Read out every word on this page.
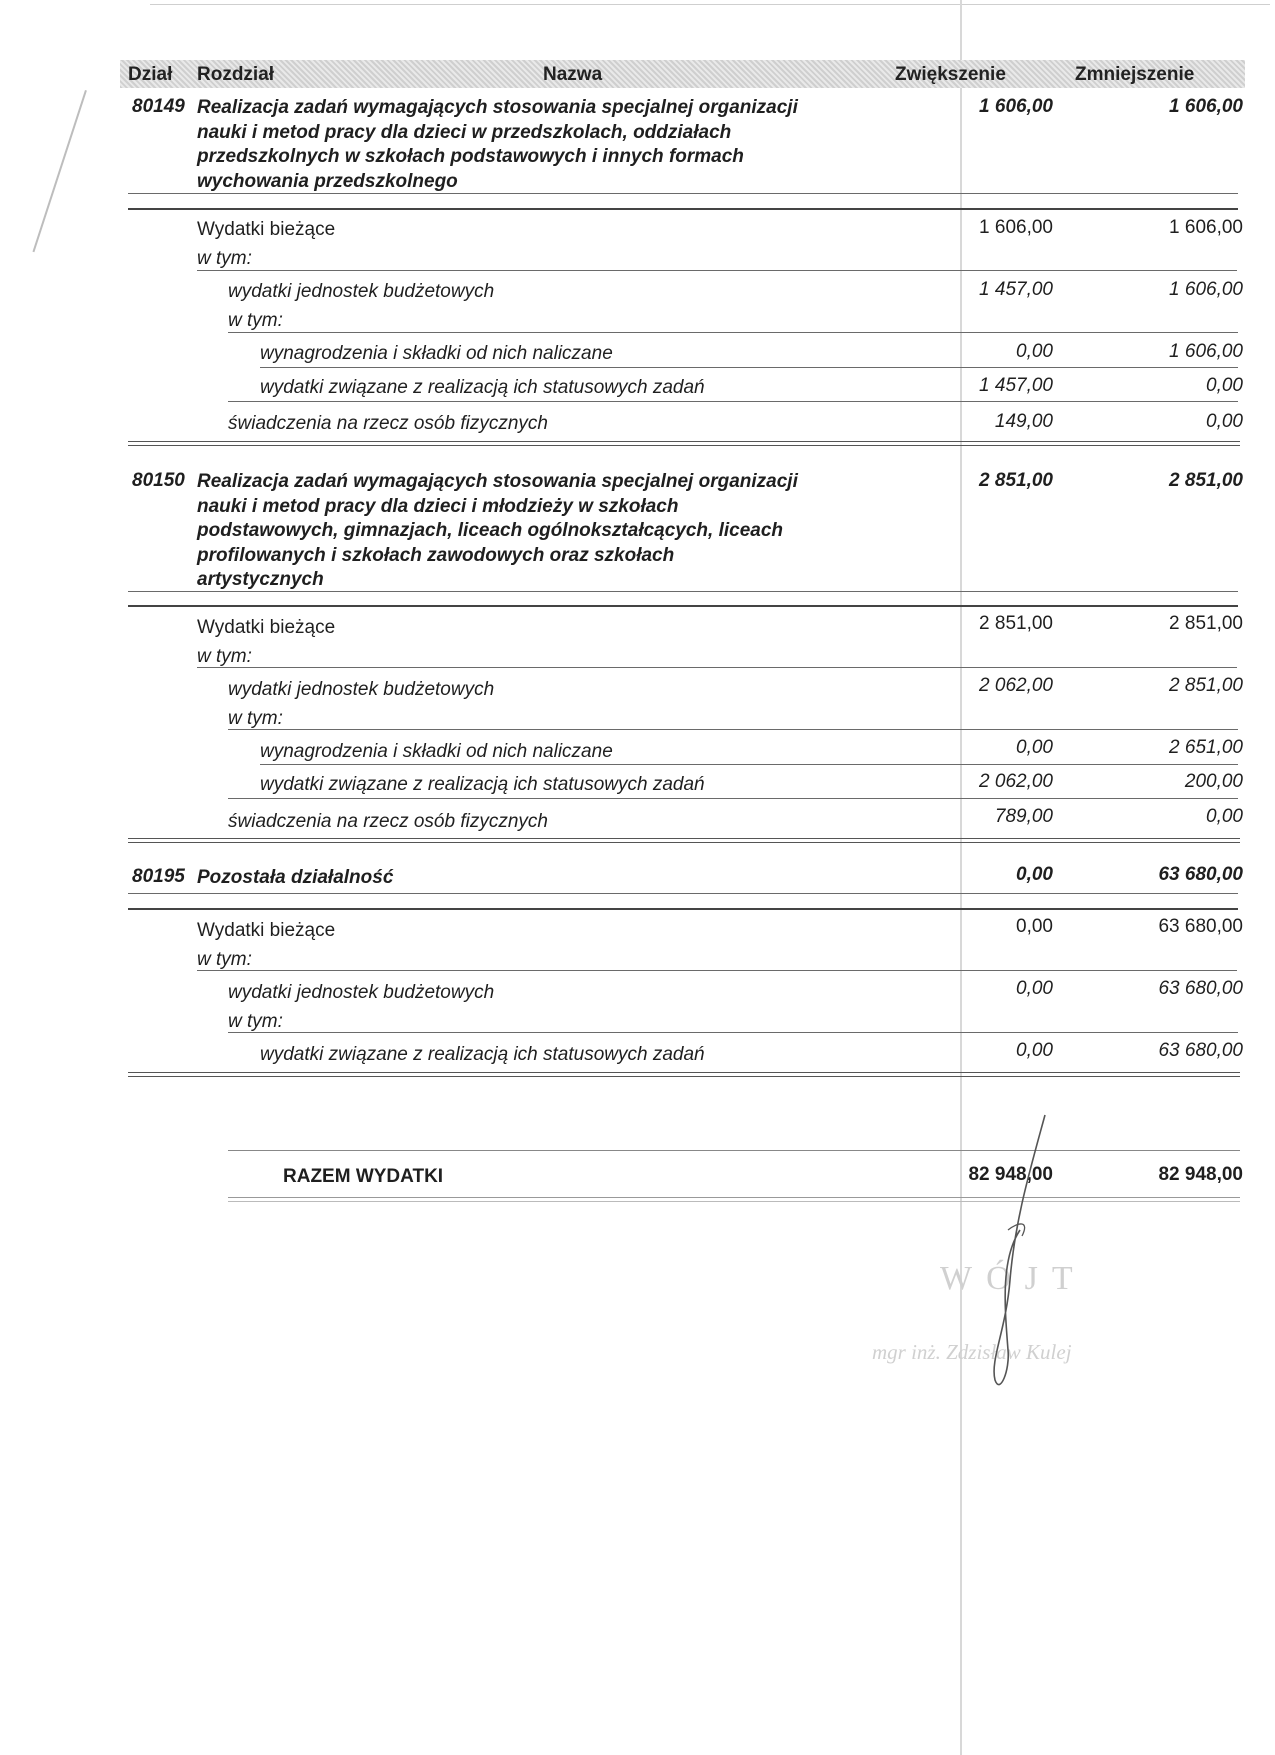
Dział Rozdział	Nazwa	Zwiększenie	Zmniejszenie
80149 Realizacja zadań wymagających stosowania specjalnej organizacji
nauki i metod pracy dla dzieci w przedszkolach, oddziałach
przedszkolnych w szkołach podstawowych i innych formach
wychowania przedszkolnego
1 606,00	1 606,00
Wydatki bieżące	1 606,00	1 606,00
w tym:
wydatki jednostek budżetowych	1 457,00	1 606,00
w tym:
wynagrodzenia i składki od nich naliczane	0,00	1 606,00
wydatki związane z realizacją ich statusowych zadań	1 457,00	0,00
świadczenia na rzecz osób fizycznych	149,00	0,00
80150 Realizacja zadań wymagających stosowania specjalnej organizacji
nauki i metod pracy dla dzieci i młodzieży w szkołach
podstawowych, gimnazjach, liceach ogólnokształcących, liceach
profilowanych i szkołach zawodowych oraz szkołach
artystycznych
2 851,00	2 851,00
Wydatki bieżące	2 851,00	2 851,00
w tym:
wydatki jednostek budżetowych	2 062,00	2 851,00
w tym:
wynagrodzenia i składki od nich naliczane	0,00	2 651,00
wydatki związane z realizacją ich statusowych zadań	2 062,00	200,00
świadczenia na rzecz osób fizycznych	789,00	0,00
80195 Pozostała działalność	0,00	63 680,00
Wydatki bieżące	0,00	63 680,00
w tym:
wydatki jednostek budżetowych	0,00	63 680,00
w tym:
wydatki związane z realizacją ich statusowych zadań	0,00	63 680,00
RAZEM WYDATKI	82 948,00	82 948,00
WÓJT
mgr inż. Zdzisław Kulej
